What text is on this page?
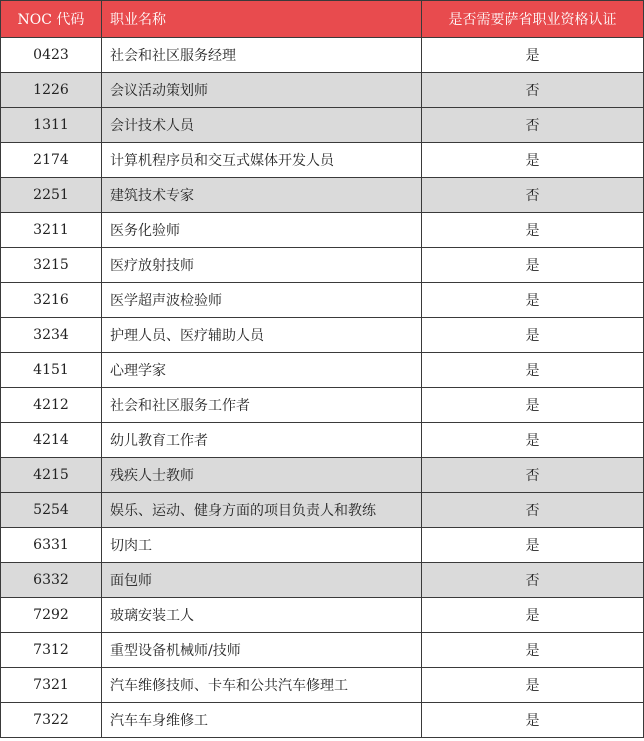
NOC 代码	职业名称	是否需要萨省职业资格认证
0423	社会和社区服务经理	是
1226	会议活动策划师	否
1311	会计技术人员	否
2174	计算机程序员和交互式媒体开发人员	是
2251	建筑技术专家	否
3211	医务化验师	是
3215	医疗放射技师	是
3216	医学超声波检验师	是
3234	护理人员、医疗辅助人员	是
4151	心理学家	是
4212	社会和社区服务工作者	是
4214	幼儿教育工作者	是
4215	残疾人士教师	否
5254	娱乐、运动、健身方面的项目负责人和教练	否
6331	切肉工	是
6332	面包师	否
7292	玻璃安装工人	是
7312	重型设备机械师/技师	是
7321	汽车维修技师、卡车和公共汽车修理工	是
7322	汽车车身维修工	是
